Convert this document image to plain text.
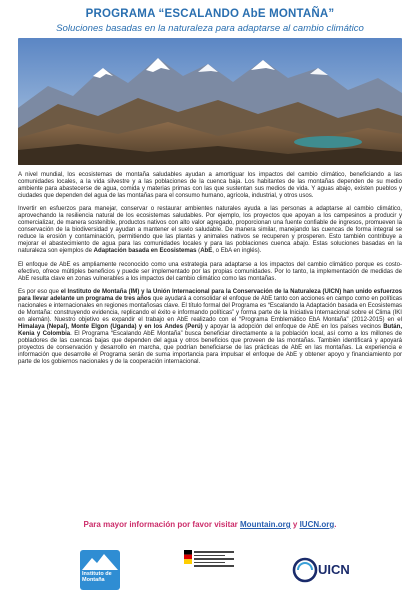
PROGRAMA “ESCALANDO AbE MONTAÑA”
Soluciones basadas en la naturaleza para adaptarse al cambio climático

A nivel mundial, los ecosistemas de montaña saludables ayudan a amortiguar los impactos del cambio climático, beneficiando a las comunidades locales, a la vida silvestre y a las poblaciones de la cuenca baja. Los habitantes de las montañas dependen de su medio ambiente para abastecerse de agua, comida y materias primas con las que sustentan sus medios de vida. Y aguas abajo, existen pueblos y ciudades que dependen del agua de las montañas para el consumo humano, agrícola, industrial, y otros usos.

Invertir en esfuerzos para manejar, conservar o restaurar ambientes naturales ayuda a las personas a adaptarse al cambio climático, aprovechando la resiliencia natural de los ecosistemas saludables. Por ejemplo, los proyectos que apoyan a los campesinos a producir y comercializar, de manera sostenible, productos nativos con alto valor agregado, proporcionan una fuente confiable de ingresos, promueven la conservación de la biodiversidad y ayudan a mantener el suelo saludable. De manera similar, manejando las cuencas de forma integral se reduce la erosión y contaminación, permitiendo que las plantas y animales nativos se recuperen y prosperen. Esto también contribuye a mejorar el abastecimiento de agua para las comunidades locales y para las poblaciones cuenca abajo. Estas soluciones basadas en la naturaleza son ejemplos de Adaptación basada en Ecosistemas (AbE, o EbA en inglés).

El enfoque de AbE es ampliamente reconocido como una estrategia para adaptarse a los impactos del cambio climático porque es costo-efectivo, ofrece múltiples beneficios y puede ser implementado por las propias comunidades. Por lo tanto, la implementación de medidas de AbE resulta clave en zonas vulnerables a los impactos del cambio climático como las montañas.

Es por eso que el Instituto de Montaña (IM) y la Unión Internacional para la Conservación de la Naturaleza (UICN) han unido esfuerzos para llevar adelante un programa de tres años que ayudará a consolidar el enfoque de AbE tanto con acciones en campo como en políticas nacionales e internacionales en regiones montañosas clave. El título formal del Programa es “Escalando la Adaptación basada en Ecosistemas de Montaña: construyendo evidencia, replicando el éxito e informando políticas” y forma parte de la Iniciativa Internacional sobre el Clima (IKI en alemán). Nuestro objetivo es expandir el trabajo en AbE realizado con el “Programa Emblemático EbA Montaña” (2012-2015) en el Himalaya (Nepal), Monte Elgon (Uganda) y en los Andes (Perú) y apoyar la adopción del enfoque de AbE en los países vecinos Bután, Kenia y Colombia. El Programa “Escalando AbE Montaña” busca beneficiar directamente a la población local, así como a los millones de pobladores de las cuencas bajas que dependen del agua y otros beneficios que proveen de las montañas. También identificará y apoyará proyectos de conservación y desarrollo en marcha, que podrían beneficiarse de las prácticas de AbE en las montañas. La experiencia e información que desarrolle el Programa serán de suma importancia para impulsar el enfoque de AbE y obtener apoyo y financiamiento por parte de los gobiernos nacionales y de la cooperación internacional.

Para mayor información por favor visitar Mountain.org y IUCN.org.
Instituto de Montaña
UICN
